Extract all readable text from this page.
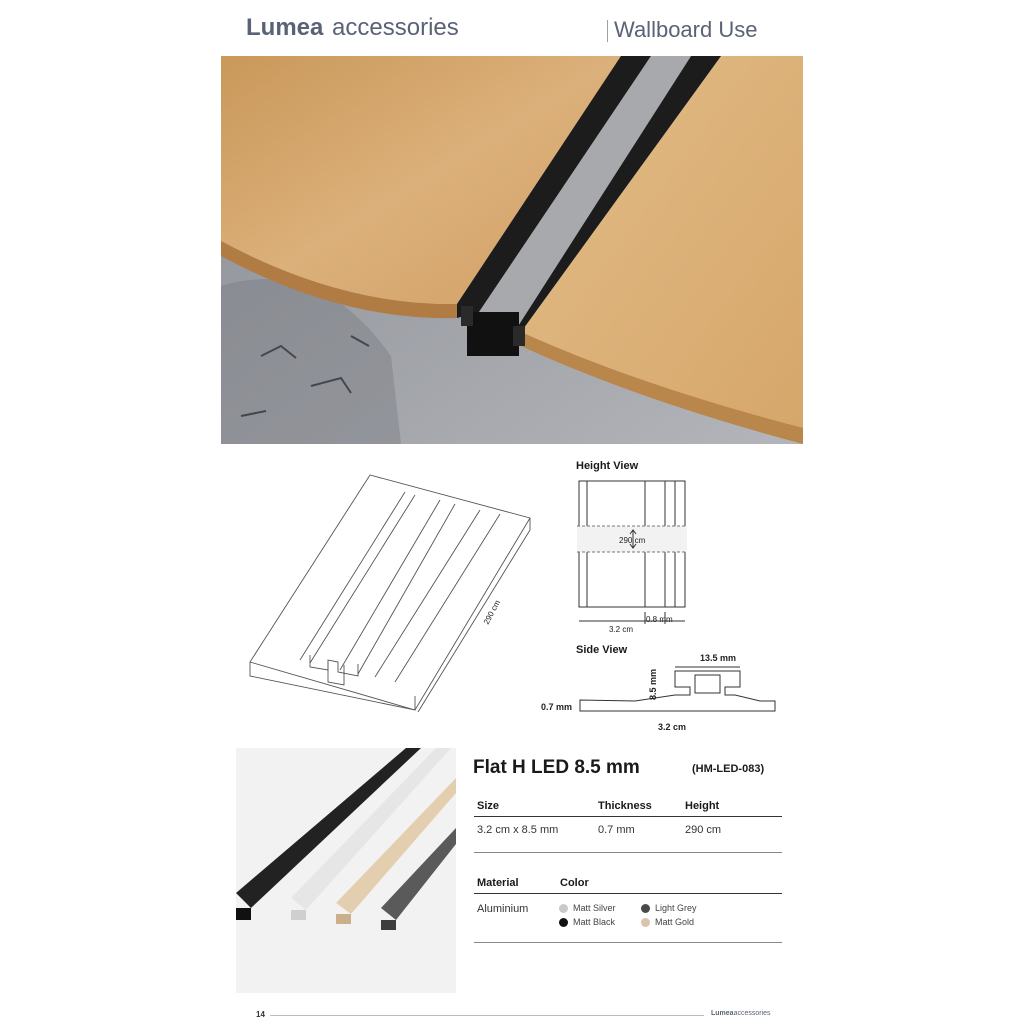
Lumea accessories	Wallboard Use
290 cm
Height View
290 cm
3.2 cm
0.8 mm
Side View
13.5 mm
8.5 mm
0.7 mm
3.2 cm
Flat H LED 8.5 mm	(HM-LED-083)
Size	Thickness	Height
3.2 cm x 8.5 mm	0.7 mm	290 cm
Material	Color
Aluminium	Matt Silver	Light Grey
Matt Black	Matt Gold
14	Lumeaaccessories
